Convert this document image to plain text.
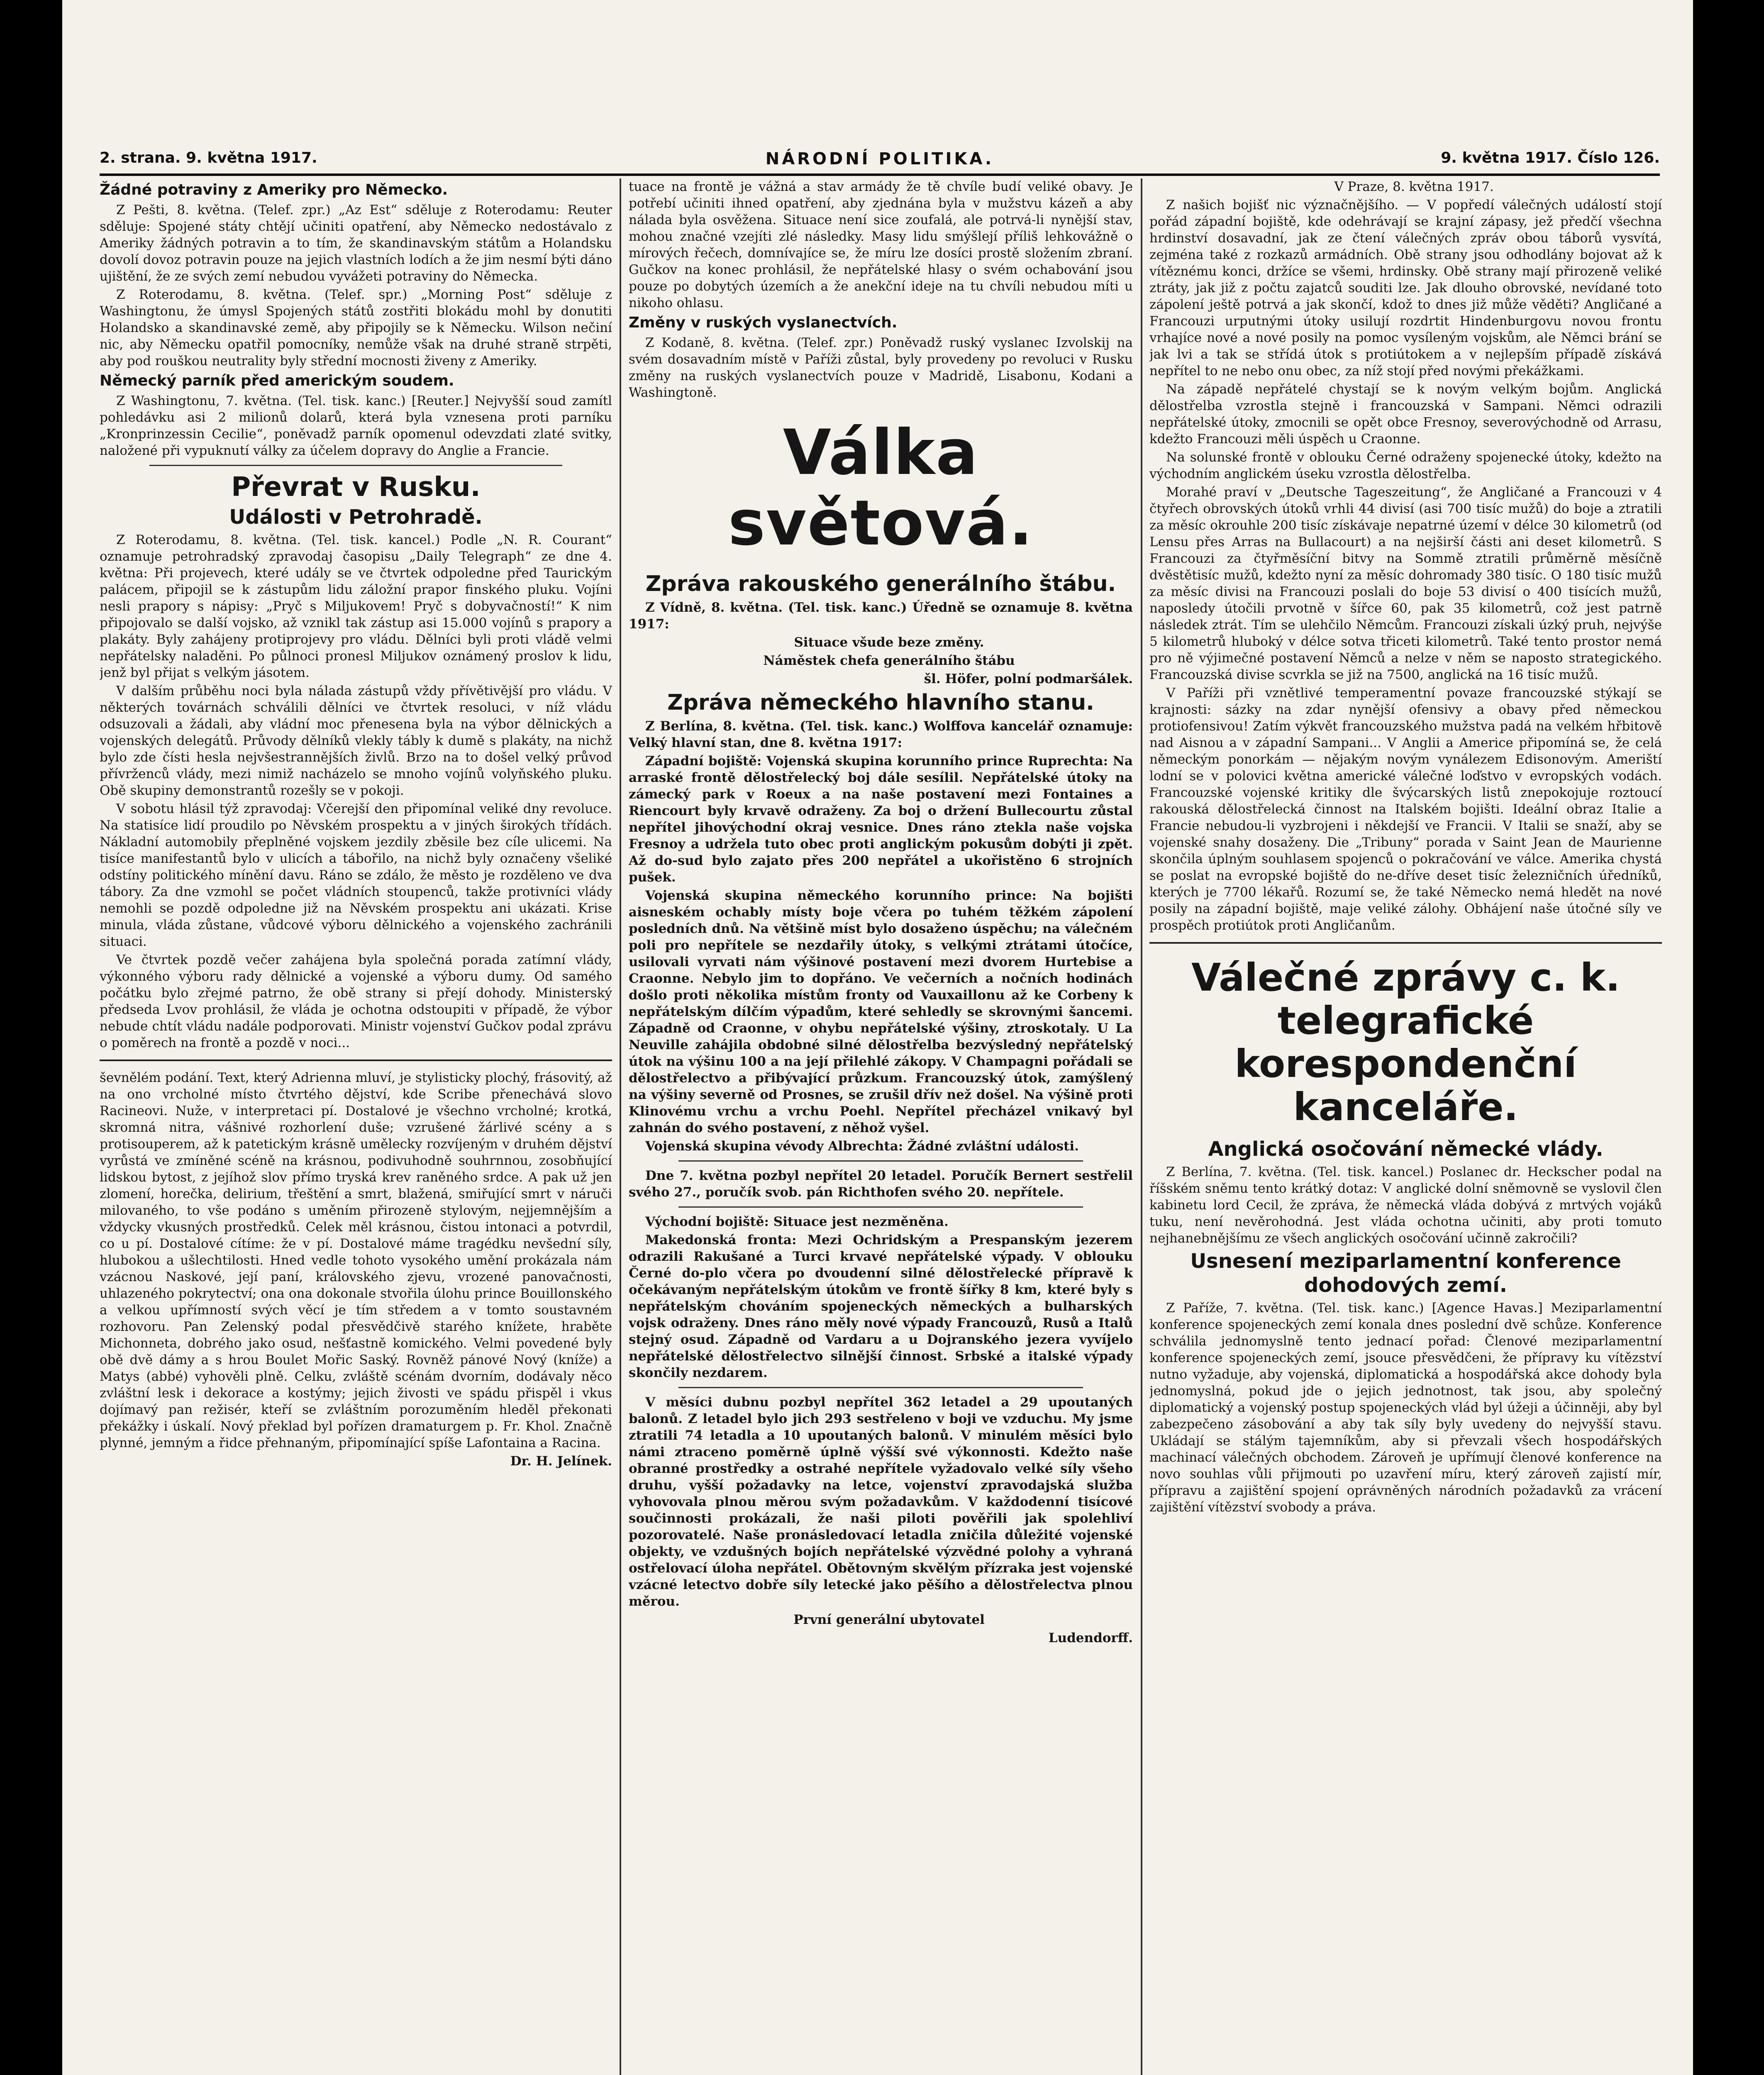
2. strana. 9. května 1917.	NÁRODNÍ POLITIKA.	9. května 1917. Číslo 126.
Žádné potraviny z Ameriky pro Německo.

Z Pešti, 8. května. (Telef. zpr.) „Az Est“ sděluje z Roterodamu: Reuter sděluje: Spojené státy chtějí učiniti opatření, aby Německo nedostávalo z Ameriky žádných potravin a to tím, že skandinavským státům a Holandsku dovolí dovoz potravin pouze na jejich vlastních lodích a že jim nesmí býti dáno ujištění, že ze svých zemí nebudou vyvážeti potraviny do Německa.

Z Roterodamu, 8. května. (Telef. spr.) „Morning Post“ sděluje z Washingtonu, že úmysl Spojených států zostřiti blokádu mohl by donutiti Holandsko a skandinavské země, aby připojily se k Německu. Wilson nečiní nic, aby Německu opatřil pomocníky, nemůže však na druhé straně strpěti, aby pod rouškou neutrality byly střední mocnosti živeny z Ameriky.

Německý parník před americkým soudem.

Z Washingtonu, 7. května. (Tel. tisk. kanc.) [Reuter.] Nejvyšší soud zamítl pohledávku asi 2 milionů dolarů, která byla vznesena proti parníku „Kronprinzessin Cecilie“, poněvadž parník opomenul odevzdati zlaté svitky, naložené při vypuknutí války za účelem dopravy do Anglie a Francie.

Převrat v Rusku.
Události v Petrohradě.

Z Roterodamu, 8. května. (Tel. tisk. kancel.) Podle „N. R. Courant“ oznamuje petrohradský zpravodaj časopisu „Daily Telegraph“ ze dne 4. května: Při projevech, které udály se ve čtvrtek odpoledne před Taurickým palácem, připojil se k zástupům lidu záložní prapor finského pluku. Vojíni nesli prapory s nápisy: „Pryč s Miljukovem! Pryč s dobyvačností!“ K nim připojovalo se další vojsko, až vznikl tak zástup asi 15.000 vojínů s prapory a plakáty. Byly zahájeny protiprojevy pro vládu. Dělníci byli proti vládě velmi nepřátelsky naladěni. Po půlnoci pronesl Miljukov oznámený proslov k lidu, jenž byl přijat s velkým jásotem.

V dalším průběhu noci byla nálada zástupů vždy přívětivější pro vládu. V některých továrnách schválili dělníci ve čtvrtek resoluci, v níž vládu odsuzovali a žádali, aby vládní moc přenesena byla na výbor dělnických a vojenských delegátů. Průvody dělníků vlekly tábly k dumě s plakáty, na nichž bylo zde čísti hesla nejvšestrannějších živlů. Brzo na to došel velký průvod přívrženců vlády, mezi nimiž nacházelo se mnoho vojínů volyňského pluku. Obě skupiny demonstrantů rozešly se v pokoji.

V sobotu hlásil týž zpravodaj: Včerejší den připomínal veliké dny revoluce. Na statisíce lidí proudilo po Něvském prospektu a v jiných širokých třídách. Nákladní automobily přeplněné vojskem jezdily zběsile bez cíle ulicemi. Na tisíce manifestantů bylo v ulicích a tábořilo, na nichž byly označeny všeliké odstíny politického mínění davu. Ráno se zdálo, že město je rozděleno ve dva tábory. Za dne vzmohl se počet vládních stoupenců, takže protivníci vlády nemohli se pozdě odpoledne již na Něvském prospektu ani ukázati. Krise minula, vláda zůstane, vůdcové výboru dělnického a vojenského zachránili situaci.

Ve čtvrtek pozdě večer zahájena byla společná porada zatímní vlády, výkonného výboru rady dělnické a vojenské a výboru dumy. Od samého počátku bylo zřejmé patrno, že obě strany si přejí dohody. Ministerský předseda Lvov prohlásil, že vláda je ochotna odstoupiti v případě, že výbor nebude chtít vládu nadále podporovati. Ministr vojenství Gučkov podal zprávu o poměrech na frontě a pozdě v noci...

ševnělém podání. Text, který Adrienna mluví, je stylisticky plochý, frásovitý, až na ono vrcholné místo čtvrtého dějství, kde Scribe přenechává slovo Racineovi. Nuže, v interpretaci pí. Dostalové je všechno vrcholné; krotká, skromná nitra, vášnivé rozhorlení duše; vzrušené žárlivé scény a s protisouperem, až k patetickým krásně umělecky rozvíjeným v druhém dějství vyrůstá ve zmíněné scéně na krásnou, podivuhodně souhrnnou, zosobňující lidskou bytost, z jejíhož slov přímo tryská krev raněného srdce. A pak už jen zlomení, horečka, delirium, třeštění a smrt, blažená, smiřující smrt v náruči milovaného, to vše podáno s uměním přirozeně stylovým, nejjemnějším a vždycky vkusných prostředků. Celek měl krásnou, čistou intonaci a potvrdil, co u pí. Dostalové cítíme: že v pí. Dostalové máme tragédku nevšední síly, hlubokou a ušlechtilosti. Hned vedle tohoto vysokého umění prokázala nám vzácnou Naskové, její paní, královského zjevu, vrozené panovačnosti, uhlazeného pokrytectví; ona ona dokonale stvořila úlohu prince Bouillonského a velkou upřímností svých věcí je tím středem a v tomto soustavném rozhovoru. Pan Zelenský podal přesvědčivě starého knížete, hraběte Michonneta, dobrého jako osud, nešťastně komického. Velmi povedené byly obě dvě dámy a s hrou Boulet Mořic Saský. Rovněž pánové Nový (kníže) a Matys (abbé) vyhověli plně. Celku, zvláště scénám dvorním, dodávaly něco zvláštní lesk i dekorace a kostýmy; jejich živosti ve spádu přispěl i vkus dojímavý pan režisér, kteří se zvláštním porozuměním hleděl překonati překážky i úskalí. Nový překlad byl pořízen dramaturgem p. Fr. Khol. Značně plynné, jemným a řidce přehnaným, připomínající spíše Lafontaina a Racina.

Dr. H. Jelínek.

tuace na frontě je vážná a stav armády že tě chvíle budí veliké obavy. Je potřebí učiniti ihned opatření, aby zjednána byla v mužstvu kázeň a aby nálada byla osvěžena. Situace není sice zoufalá, ale potrvá-li nynější stav, mohou značné vzejíti zlé následky. Masy lidu smýšlejí příliš lehkovážně o mírových řečech, domnívajíce se, že míru lze dosíci prostě složením zbraní. Gučkov na konec prohlásil, že nepřátelské hlasy o svém ochabování jsou pouze po dobytých územích a že anekční ideje na tu chvíli nebudou míti u nikoho ohlasu.

Změny v ruských vyslanectvích.

Z Kodaně, 8. května. (Telef. zpr.) Poněvadž ruský vyslanec Izvolskij na svém dosavadním místě v Paříži zůstal, byly provedeny po revoluci v Rusku změny na ruských vyslanectvích pouze v Madridě, Lisabonu, Kodani a Washingtoně.

Válka světová.
Zpráva rakouského generálního štábu.

Z Vídně, 8. května. (Tel. tisk. kanc.) Úředně se oznamuje 8. května 1917:

Situace všude beze změny.

Náměstek chefa generálního štábu

šl. Höfer, polní podmaršálek.

Zpráva německého hlavního stanu.

Z Berlína, 8. května. (Tel. tisk. kanc.) Wolffova kancelář oznamuje: Velký hlavní stan, dne 8. května 1917:

Západní bojiště: Vojenská skupina korunního prince Ruprechta: Na arraské frontě dělostřelecký boj dále sesílil. Nepřátelské útoky na zámecký park v Roeux a na naše postavení mezi Fontaines a Riencourt byly krvavě odraženy. Za boj o držení Bullecourtu zůstal nepřítel jihovýchodní okraj vesnice. Dnes ráno ztekla naše vojska Fresnoy a udržela tuto obec proti anglickým pokusům dobýti ji zpět. Až do-sud bylo zajato přes 200 nepřátel a ukořistěno 6 strojních pušek.

Vojenská skupina německého korunního prince: Na bojišti aisneském ochably místy boje včera po tuhém těžkém zápolení posledních dnů. Na většině míst bylo dosaženo úspěchu; na válečném poli pro nepřítele se nezdařily útoky, s velkými ztrátami útočíce, usilovali vyrvati nám výšinové postavení mezi dvorem Hurtebise a Craonne. Nebylo jim to dopřáno. Ve večerních a nočních hodinách došlo proti několika místům fronty od Vauxaillonu až ke Corbeny k nepřátelským dílčím výpadům, které sehledly se skrovnými šancemi. Západně od Craonne, v ohybu nepřátelské výšiny, ztroskotaly. U La Neuville zahájila obdobné silné dělostřelba bezvýsledný nepřátelský útok na výšinu 100 a na její přilehlé zákopy. V Champagni pořádali se dělostřelectvo a přibývající průzkum. Francouzský útok, zamýšlený na výšiny severně od Prosnes, se zrušil dřív než došel. Na výšině proti Klinovému vrchu a vrchu Poehl. Nepřítel přecházel vnikavý byl zahnán do svého postavení, z něhož vyšel.

Vojenská skupina vévody Albrechta: Žádné zvláštní události.

Dne 7. května pozbyl nepřítel 20 letadel. Poručík Bernert sestřelil svého 27., poručík svob. pán Richthofen svého 20. nepřítele.

Východní bojiště: Situace jest nezměněna.

Makedonská fronta: Mezi Ochridským a Prespanským jezerem odrazili Rakušané a Turci krvavé nepřátelské výpady. V oblouku Černé do-plo včera po dvoudenní silné dělostřelecké přípravě k očekávaným nepřátelským útokům ve frontě šířky 8 km, které byly s nepřátelským chováním spojeneckých německých a bulharských vojsk odraženy. Dnes ráno měly nové výpady Francouzů, Rusů a Italů stejný osud. Západně od Vardaru a u Dojranského jezera vyvíjelo nepřátelské dělostřelectvo silnější činnost. Srbské a italské výpady skončily nezdarem.

V měsíci dubnu pozbyl nepřítel 362 letadel a 29 upoutaných balonů. Z letadel bylo jich 293 sestřeleno v boji ve vzduchu. My jsme ztratili 74 letadla a 10 upoutaných balonů. V minulém měsíci bylo námi ztraceno poměrně úplně výšší své výkonnosti. Kdežto naše obranné prostředky a ostrahé nepřítele vyžadovalo velké síly všeho druhu, vyšší požadavky na letce, vojenství zpravodajská služba vyhovovala plnou měrou svým požadavkům. V každodenní tisícové součinnosti prokázali, že naši piloti pověřili jak spolehliví pozorovatelé. Naše pronásledovací letadla zničila důležité vojenské objekty, ve vzdušných bojích nepřátelské výzvědné polohy a vyhraná ostřelovací úloha nepřátel. Obětovným skvělým přízraka jest vojenské vzácné letectvo dobře síly letecké jako pěšího a dělostřelectva plnou měrou.

První generální ubytovatel

Ludendorff.

V Praze, 8. května 1917.

Z našich bojišť nic význačnějšího. — V popředí válečných událostí stojí pořád západní bojiště, kde odehrávají se krajní zápasy, jež předčí všechna hrdinství dosavadní, jak ze čtení válečných zpráv obou táborů vysvítá, zejména také z rozkazů armádních. Obě strany jsou odhodlány bojovat až k vítěznému konci, držíce se všemi, hrdinsky. Obě strany mají přirozeně veliké ztráty, jak již z počtu zajatců souditi lze. Jak dlouho obrovské, nevídané toto zápolení ještě potrvá a jak skončí, kdož to dnes již může věděti? Angličané a Francouzi urputnými útoky usilují rozdrtit Hindenburgovu novou frontu vrhajíce nové a nové posily na pomoc vysíleným vojskům, ale Němci brání se jak lvi a tak se střídá útok s protiútokem a v nejlepším případě získává nepřítel to ne nebo onu obec, za níž stojí před novými překážkami.

Na západě nepřátelé chystají se k novým velkým bojům. Anglická dělostřelba vzrostla stejně i francouzská v Sampani. Němci odrazili nepřátelské útoky, zmocnili se opět obce Fresnoy, severovýchodně od Arrasu, kdežto Francouzi měli úspěch u Craonne.

Na solunské frontě v oblouku Černé odraženy spojenecké útoky, kdežto na východním anglickém úseku vzrostla dělostřelba.

Morahé praví v „Deutsche Tageszeitung“, že Angličané a Francouzi v 4 čtyřech obrovských útoků vrhli 44 divisí (asi 700 tisíc mužů) do boje a ztratili za měsíc okrouhle 200 tisíc získávaje nepatrné území v délce 30 kilometrů (od Lensu přes Arras na Bullacourt) a na nejširší části ani deset kilometrů. S Francouzi za čtyřměsíční bitvy na Sommě ztratili průměrně měsíčně dvěstětisíc mužů, kdežto nyní za měsíc dohromady 380 tisíc. O 180 tisíc mužů za měsíc divisi na Francouzi poslali do boje 53 divisí o 400 tisících mužů, naposledy útočili prvotně v šířce 60, pak 35 kilometrů, což jest patrně následek ztrát. Tím se ulehčilo Němcům. Francouzi získali úzký pruh, nejvýše 5 kilometrů hluboký v délce sotva třiceti kilometrů. Také tento prostor nemá pro ně výjimečné postavení Němců a nelze v něm se naposto strategického. Francouzská divise scvrkla se již na 7500, anglická na 16 tisíc mužů.

V Paříži při vznětlivé temperamentní povaze francouzské stýkají se krajnosti: sázky na zdar nynější ofensivy a obavy před německou protiofensivou! Zatím výkvět francouzského mužstva padá na velkém hřbitově nad Aisnou a v západní Sampani... V Anglii a Americe připomíná se, že celá německým ponorkám — nějakým novým vynálezem Edisonovým. Ameriští lodní se v polovici května americké válečné loďstvo v evropských vodách. Francouzské vojenské kritiky dle švýcarských listů znepokojuje roztoucí rakouská dělostřelecká činnost na Italském bojišti. Ideální obraz Italie a Francie nebudou-li vyzbrojeni i někdejší ve Francii. V Italii se snaží, aby se vojenské snahy dosaženy. Die „Tribuny“ porada v Saint Jean de Maurienne skončila úplným souhlasem spojenců o pokračování ve válce. Amerika chystá se poslat na evropské bojiště do ne-dříve deset tisíc železničních úředníků, kterých je 7700 lékařů. Rozumí se, že také Německo nemá hledět na nové posily na západní bojiště, maje veliké zálohy. Obhájení naše útočné síly ve prospěch protiútok proti Angličanům.

Válečné zprávy c. k. telegrafické korespondenční kanceláře.
Anglická osočování německé vlády.

Z Berlína, 7. května. (Tel. tisk. kancel.) Poslanec dr. Heckscher podal na říšském sněmu tento krátký dotaz: V anglické dolní sněmovně se vyslovil člen kabinetu lord Cecil, že zpráva, že německá vláda dobývá z mrtvých vojáků tuku, není nevěrohodná. Jest vláda ochotna učiniti, aby proti tomuto nejhanebnějšímu ze všech anglických osočování učinně zakročili?

Usnesení meziparlamentní konference dohodových zemí.

Z Paříže, 7. května. (Tel. tisk. kanc.) [Agence Havas.] Meziparlamentní konference spojeneckých zemí konala dnes poslední dvě schůze. Konference schválila jednomyslně tento jednací pořad: Členové meziparlamentní konference spojeneckých zemí, jsouce přesvědčeni, že přípravy ku vítězství nutno vyžaduje, aby vojenská, diplomatická a hospodářská akce dohody byla jednomyslná, pokud jde o jejich jednotnost, tak jsou, aby společný diplomatický a vojenský postup spojeneckých vlád byl úžeji a účinněji, aby byl zabezpečeno zásobování a aby tak síly byly uvedeny do nejvyšší stavu. Ukládají se stálým tajemníkům, aby si převzali všech hospodářských machinací válečných obchodem. Zároveň je upřímují členové konference na novo souhlas vůli přijmouti po uzavření míru, který zároveň zajistí mír, přípravu a zajištění spojení oprávněných národních požadavků za vrácení zajištění vítězství svobody a práva.
